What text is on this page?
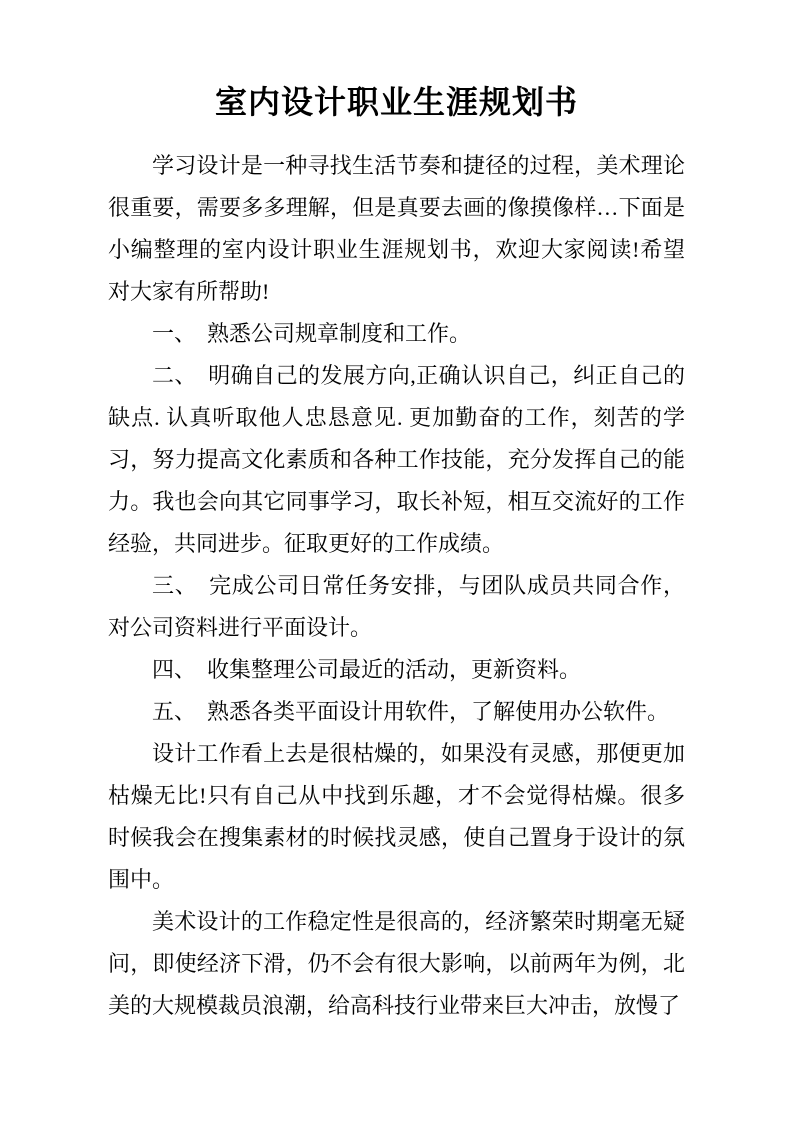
室内设计职业生涯规划书

学习设计是一种寻找生活节奏和捷径的过程，美术理论很重要，需要多多理解，但是真要去画的像摸像样…下面是小编整理的室内设计职业生涯规划书，欢迎大家阅读!希望对大家有所帮助!

一、　熟悉公司规章制度和工作。

二、　明确自己的发展方向,正确认识自己，纠正自己的缺点. 认真听取他人忠恳意见. 更加勤奋的工作，刻苦的学习，努力提高文化素质和各种工作技能，充分发挥自己的能力。我也会向其它同事学习，取长补短，相互交流好的工作经验，共同进步。征取更好的工作成绩。

三、　完成公司日常任务安排，与团队成员共同合作，对公司资料进行平面设计。

四、　收集整理公司最近的活动，更新资料。

五、　熟悉各类平面设计用软件，了解使用办公软件。

设计工作看上去是很枯燥的，如果没有灵感，那便更加枯燥无比!只有自己从中找到乐趣，才不会觉得枯燥。很多时候我会在搜集素材的时候找灵感，使自己置身于设计的氛围中。

美术设计的工作稳定性是很高的，经济繁荣时期毫无疑问，即使经济下滑，仍不会有很大影响，以前两年为例，北美的大规模裁员浪潮，给高科技行业带来巨大冲击，放慢了
